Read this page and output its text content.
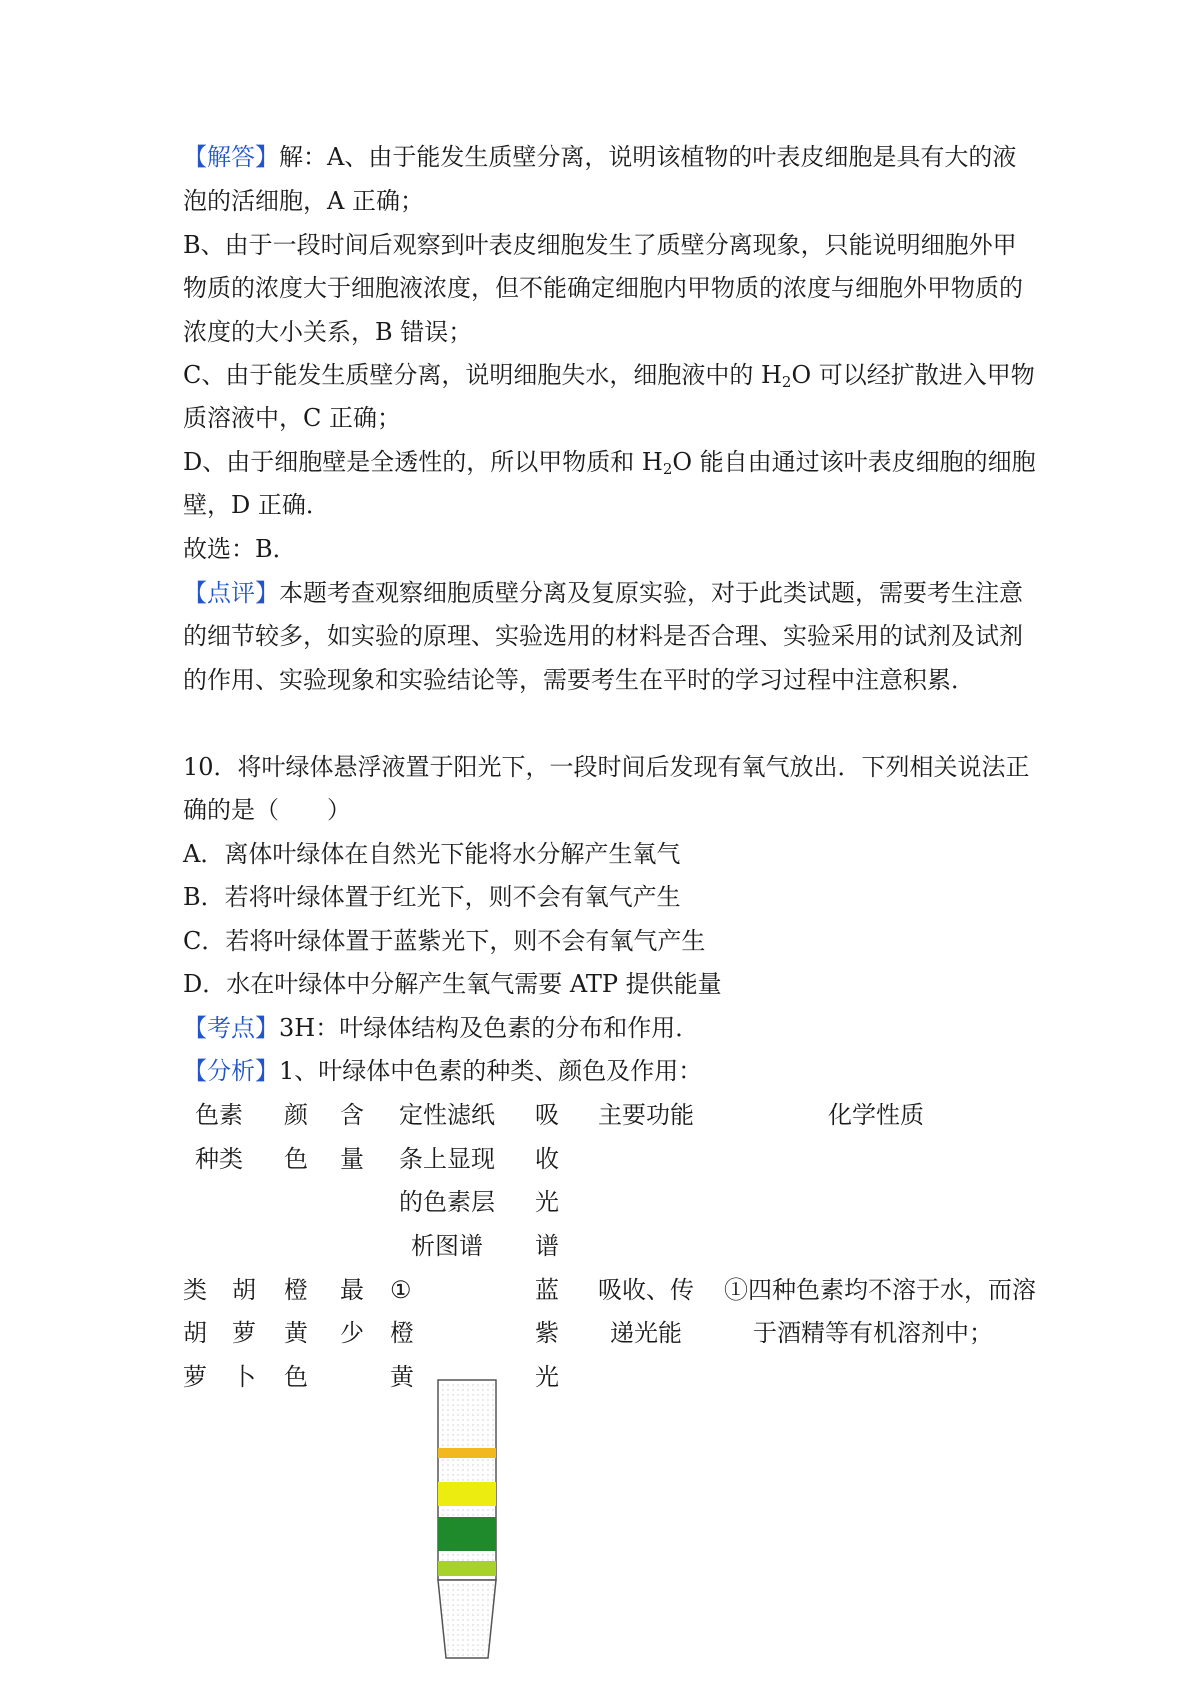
【解答】解：A、由于能发生质壁分离，说明该植物的叶表皮细胞是具有大的液
泡的活细胞，A 正确；
B、由于一段时间后观察到叶表皮细胞发生了质壁分离现象，只能说明细胞外甲
物质的浓度大于细胞液浓度，但不能确定细胞内甲物质的浓度与细胞外甲物质的
浓度的大小关系，B 错误；
C、由于能发生质壁分离，说明细胞失水，细胞液中的 $H_2O$ 可以经扩散进入甲物
质溶液中，C 正确；
D、由于细胞壁是全透性的，所以甲物质和 $H_2O$ 能自由通过该叶表皮细胞的细胞
壁，D 正确．
故选：B．
【点评】本题考查观察细胞质壁分离及复原实验，对于此类试题，需要考生注意
的细节较多，如实验的原理、实验选用的材料是否合理、实验采用的试剂及试剂
的作用、实验现象和实验结论等，需要考生在平时的学习过程中注意积累．
10．将叶绿体悬浮液置于阳光下，一段时间后发现有氧气放出．下列相关说法正
确的是（　　）
A．离体叶绿体在自然光下能将水分解产生氧气
B．若将叶绿体置于红光下，则不会有氧气产生
C．若将叶绿体置于蓝紫光下，则不会有氧气产生
D．水在叶绿体中分解产生氧气需要 ATP 提供能量
【考点】3H：叶绿体结构及色素的分布和作用．
【分析】1、叶绿体中色素的种类、颜色及作用：
色素
种类
颜
色
含
量
定性滤纸
条上显现
的色素层
析图谱
吸
收
光
谱
主要功能	化学性质
类
胡
萝
胡
萝
卜
橙
黄
色
最
少
①
橙
黄
蓝
紫
光
吸收、传
递光能
①四种色素均不溶于水，而溶
于酒精等有机溶剂中；
